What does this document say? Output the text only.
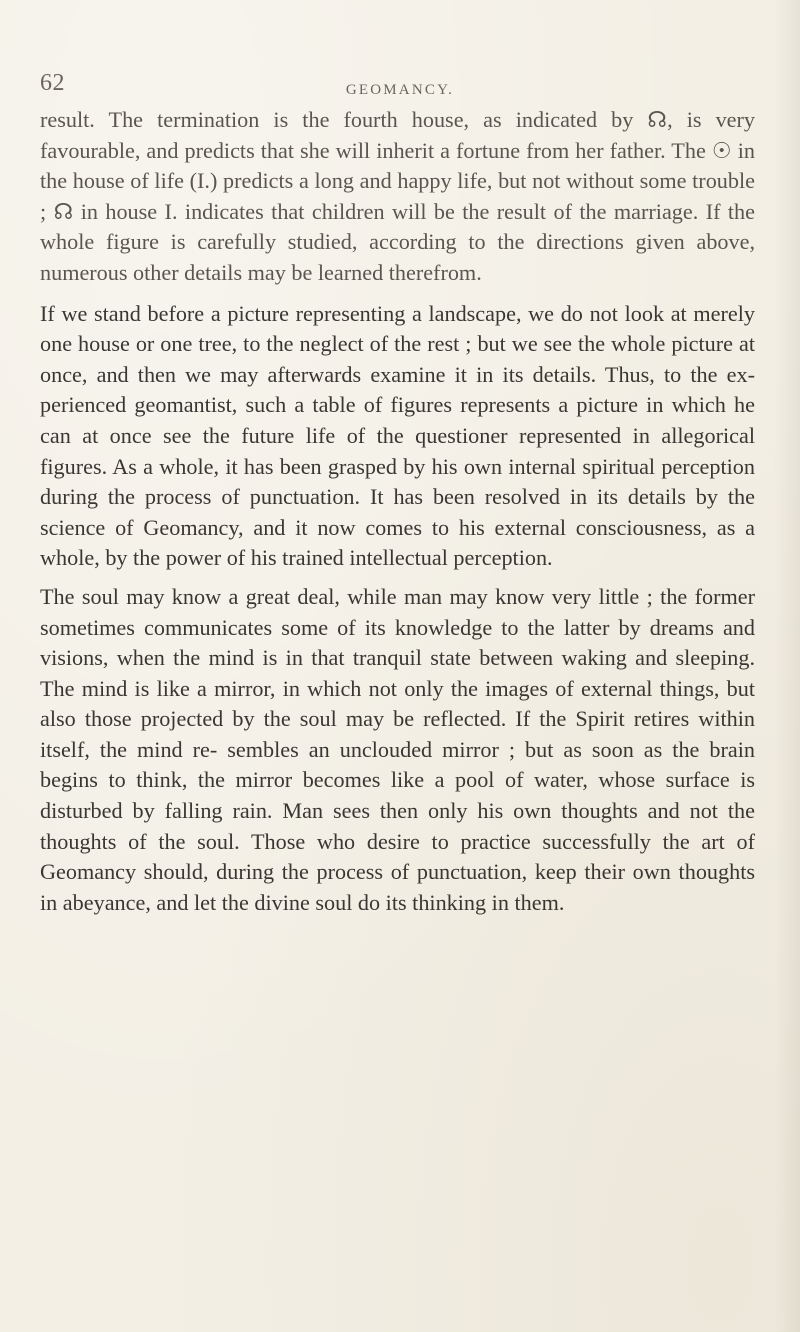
62	GEOMANCY.

result. The termination is the fourth house, as indicated by ☊, is very favourable, and predicts that she will inherit a fortune from her father. The ☉ in the house of life (I.) predicts a long and happy life, but not without some trouble ; ☊ in house I. indicates that children will be the result of the marriage. If the whole figure is carefully studied, according to the directions given above, numerous other details may be learned therefrom.

If we stand before a picture representing a landscape, we do not look at merely one house or one tree, to the neglect of the rest ; but we see the whole picture at once, and then we may afterwards examine it in its details. Thus, to the ex- perienced geomantist, such a table of figures represents a picture in which he can at once see the future life of the questioner represented in allegorical figures. As a whole, it has been grasped by his own internal spiritual perception during the process of punctuation. It has been resolved in its details by the science of Geomancy, and it now comes to his external consciousness, as a whole, by the power of his trained intellectual perception.

The soul may know a great deal, while man may know very little ; the former sometimes communicates some of its knowledge to the latter by dreams and visions, when the mind is in that tranquil state between waking and sleeping. The mind is like a mirror, in which not only the images of external things, but also those projected by the soul may be reflected. If the Spirit retires within itself, the mind re- sembles an unclouded mirror ; but as soon as the brain begins to think, the mirror becomes like a pool of water, whose surface is disturbed by falling rain. Man sees then only his own thoughts and not the thoughts of the soul. Those who desire to practice successfully the art of Geomancy should, during the process of punctuation, keep their own thoughts in abeyance, and let the divine soul do its thinking in them.
